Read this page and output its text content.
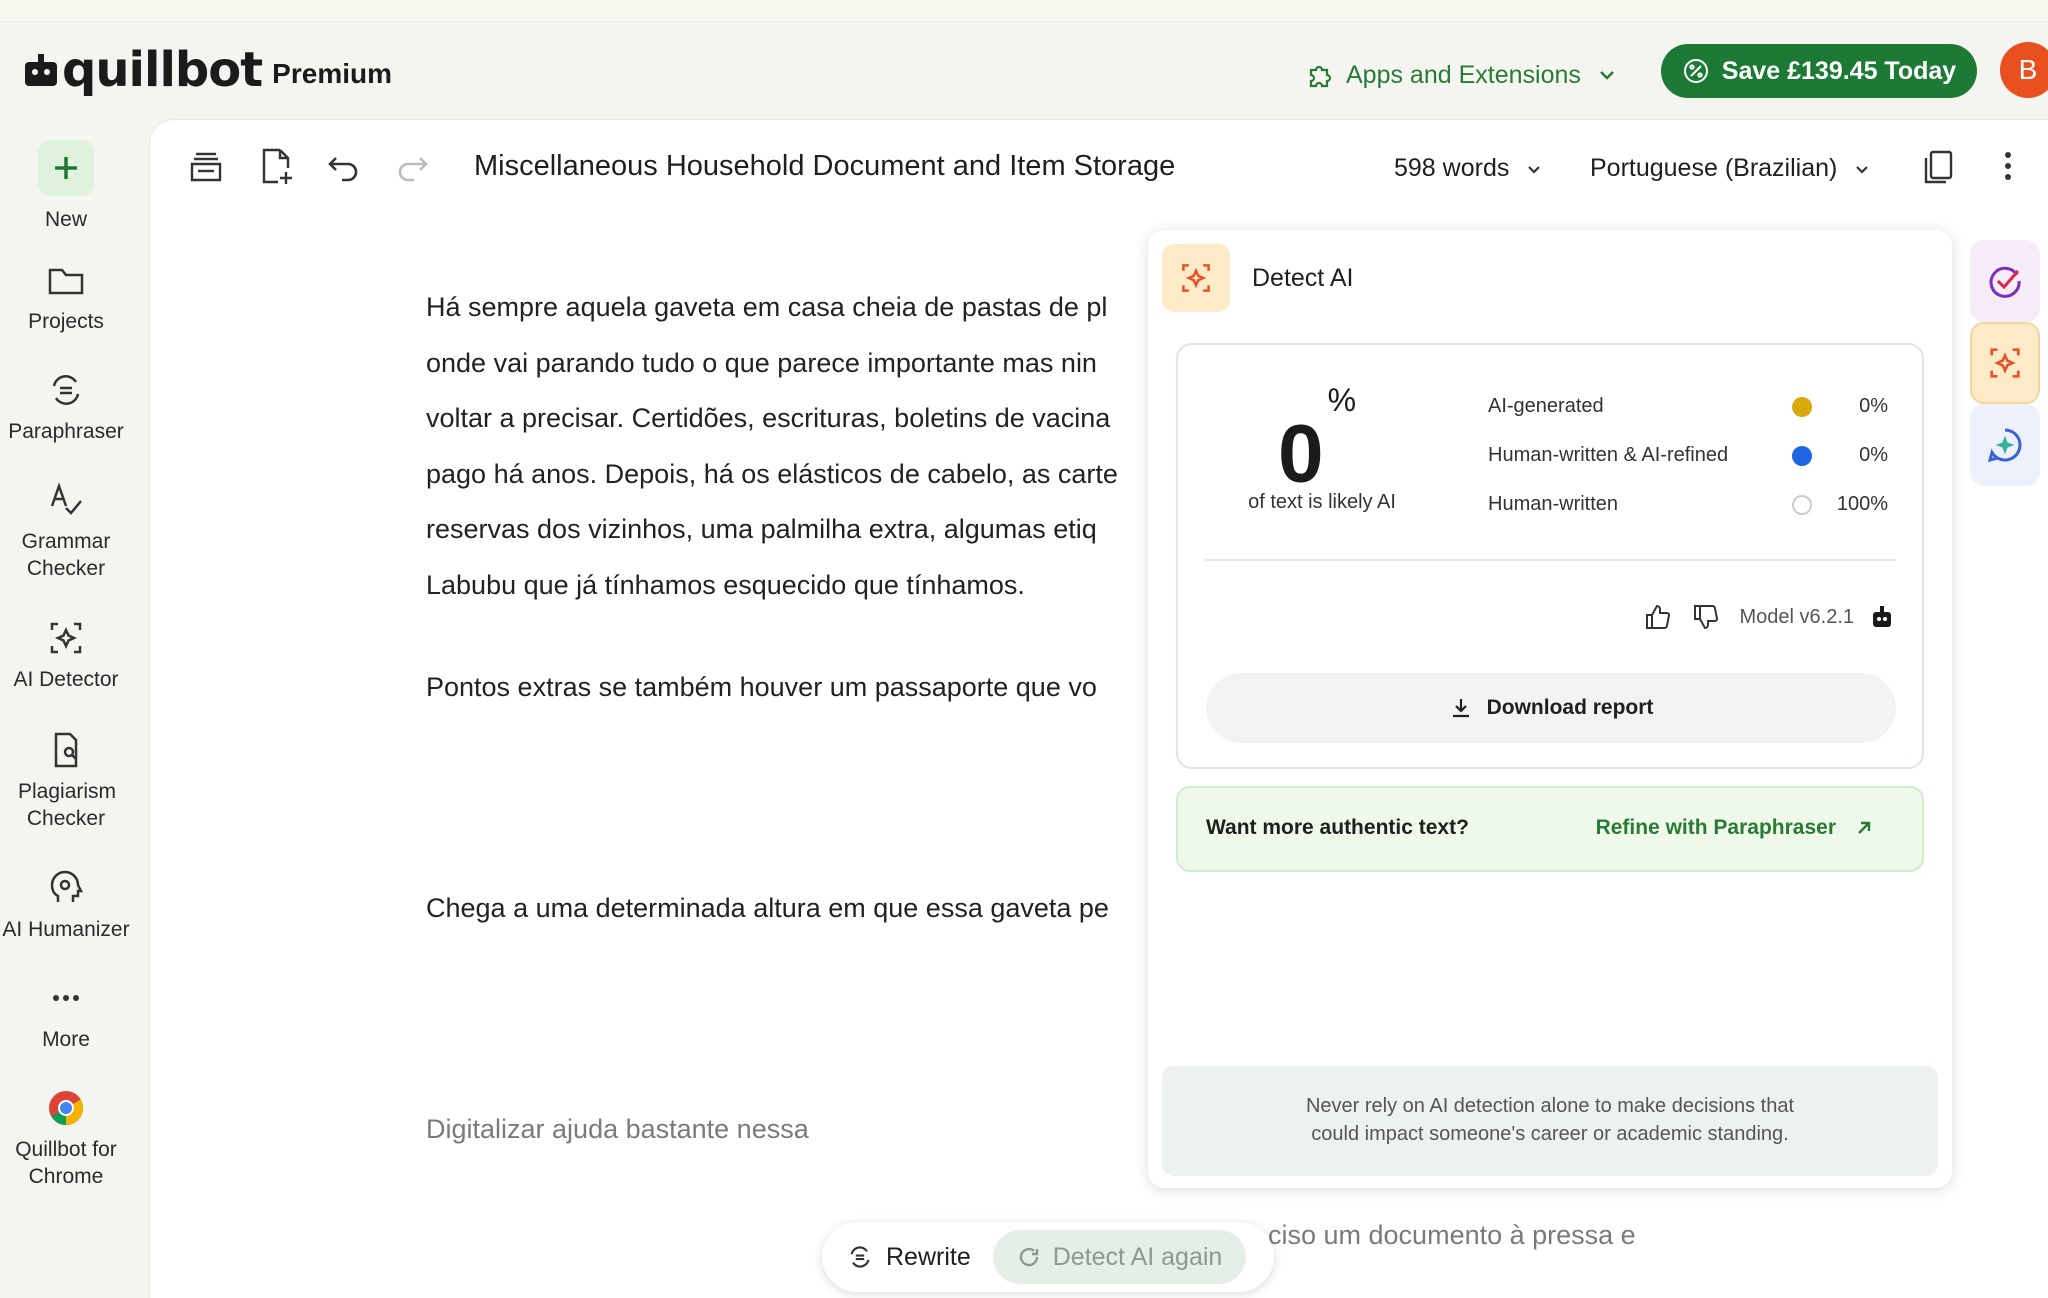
quillbot Premium	Apps and Extensions	Save £139.45 Today	B
New
Projects
Paraphraser
Grammar Checker
AI Detector
Plagiarism Checker
AI Humanizer
More
Quillbot for Chrome
Miscellaneous Household Document and Item Storage	598 words	Portuguese (Brazilian)
Há sempre aquela gaveta em casa cheia de pastas de pl
onde vai parando tudo o que parece importante mas nin
voltar a precisar. Certidões, escrituras, boletins de vacina
pago há anos. Depois, há os elásticos de cabelo, as carte
reservas dos vizinhos, uma palmilha extra, algumas etiq
Labubu que já tínhamos esquecido que tínhamos.
Pontos extras se também houver um passaporte que vo
Chega a uma determinada altura em que essa gaveta pe
Digitalizar ajuda bastante nessa
ciso um documento à pressa e
Rewrite	Detect AI again
Detect AI
0%
of text is likely AI
AI-generated	0%
Human-written & AI-refined	0%
Human-written	100%
Model v6.2.1
Download report
Want more authentic text?	Refine with Paraphraser
Never rely on AI detection alone to make decisions that
could impact someone's career or academic standing.
